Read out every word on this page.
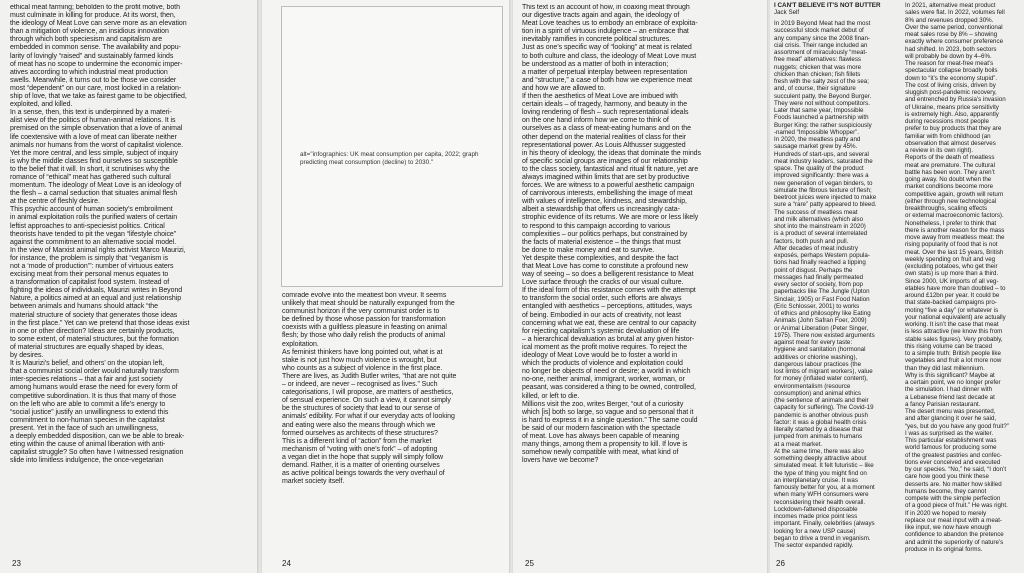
ethical meat farming; beholden to the profit motive, both
must culminate in killing for produce. At its worst, then,
the ideology of Meat Love can serve more as an elevation
than a mitigation of violence, an insidious innovation
through which both speciesism and capitalism are
embedded in common sense. The availability and popu-
larity of lovingly “raised” and sustainably farmed kinds
of meat has no scope to undermine the economic imper-
atives according to which industrial meat production
swells. Meanwhile, it turns out to be those we consider
most “dependent” on our care, most locked in a relation-
ship of love, that we take as fairest game to be objectified,
exploited, and killed.
In a sense, then, this text is underpinned by a materi-
alist view of the politics of human-animal relations. It is
premised on the simple observation that a love of animal
life coextensive with a love of meat can liberate neither
animals nor humans from the worst of capitalist violence.
Yet the more central, and less simple, subject of inquiry
is why the middle classes find ourselves so susceptible
to the belief that it will. In short, it scrutinises why the
romance of “ethical” meat has gathered such cultural
momentum. The ideology of Meat Love is an ideology of
the flesh – a carnal seduction that situates animal flesh
at the centre of fleshly desire.
This psychic account of human society’s embroilment
in animal exploitation roils the purified waters of certain
leftist approaches to anti-speciesist politics. Critical
theorists have tended to pit the vegan “lifestyle choice”
against the commitment to an alternative social model.
In the view of Marxist animal rights activist Marco Maurizi,
for instance, the problem is simply that “veganism is
not a ‘mode of production’”: number of virtuous eaters
excising meat from their personal menus equates to
a transformation of capitalist food system. Instead of
fighting the ideas of individuals, Maurizi writes in Beyond
Nature, a politics aimed at an equal and just relationship
between animals and humans should attack “the
material structure of society that generates those ideas
in the first place.” Yet can we pretend that those ideas exist
in one or other direction? Ideas are certainly products,
to some extent, of material structures, but the formation
of material structures are equally shaped by ideas,
by desires.
It is Maurizi’s belief, and others’ on the utopian left,
that a communist social order would naturally transform
inter-species relations – that a fair and just society
among humans would erase the need for every form of
competitive subordination. It is thus that many of those
on the left who are able to commit a life’s energy to
“social justice” justify an unwillingness to extend this
commitment to non-human species in the capitalist
present. Yet in the face of such an unwillingness,
a deeply embedded disposition, can we be able to break-
eting within the cause of animal liberation with anti-
capitalist struggle? So often have I witnessed resignation
slide into limitless indulgence, the once-vegetarian
23
alt="infographics: UK meat consumption per capita, 2022; graph predicting meat consumption (decline) to 2030."
comrade evolve into the meatiest bon viveur. It seems
unlikely that meat should be naturally expunged from the
communist horizon if the very communist order is to
be defined by those whose passion for transformation
coexists with a guiltless pleasure in feasting on animal
flesh; by those who daily relish the products of animal
exploitation.
As feminist thinkers have long pointed out, what is at
stake is not just how much violence is wrought, but
who counts as a subject of violence in the first place.
There are lives, as Judith Butler writes, “that are not quite
– or indeed, are never – recognised as lives.” Such
categorisations, I will propose, are matters of aesthetics,
of sensual experience. On such a view, it cannot simply
be the structures of society that lead to our sense of
animals’ edibility. For what if our everyday acts of looking
and eating were also the means through which we
formed ourselves as architects of these structures?
This is a different kind of “action” from the market
mechanism of “voting with one’s fork” – of adopting
a vegan diet in the hope that supply will simply follow
demand. Rather, it is a matter of orienting ourselves
as active political beings towards the very overhaul of
market society itself.
24
This text is an account of how, in coaxing meat through
our digestive tracts again and again, the ideology of
Meat Love teaches us to embody an embrace of exploita-
tion in a spirit of virtuous indulgence – an embrace that
inevitably ramifies in concrete political structures.
Just as one’s specific way of “looking” at meat is related
to both culture and class, the ideology of Meat Love must
be understood as a matter of both in interaction;
a matter of perpetual interplay between representation
and “structure,” a case of both how we experience meat
and how we are allowed to.
If then the aesthetics of Meat Love are imbued with
certain ideals – of tragedy, harmony, and beauty in the
loving rendering of flesh – such representational ideals
on the one hand inform how we come to think of
ourselves as a class of meat-eating humans and on the
other depend on the material realities of class for their
representational power. As Louis Althusser suggested
in his theory of ideology, the ideas that dominate the minds
of specific social groups are images of our relationship
to the class society, fantastical and ritual fit nature, yet are
always imagined within limits that are set by productive
forces. We are witness to a powerful aesthetic campaign
of carnivorous interests, embellishing the image of meat
with values of intelligence, kindness, and stewardship,
albeit a stewardship that offers us increasingly cata-
strophic evidence of its returns. We are more or less likely
to respond to this campaign according to various
complexities – our politics perhaps, but constrained by
the facts of material existence – the things that must
be done to make money and eat to survive.
Yet despite these complexities, and despite the fact
that Meat Love has come to constitute a profound new
way of seeing – so does a belligerent resistance to Meat
Love surface through the cracks of our visual culture.
If the ideal form of this resistance comes with the attempt
to transform the social order, such efforts are always
entangled with aesthetics – perceptions, attitudes, ways
of being. Embodied in our acts of creativity, not least
concerning what we eat, these are central to our capacity
for rejecting capitalism’s systemic devaluation of life
– a hierarchical devaluation as brutal at any given histor-
ical moment as the profit motive requires. To reject the
ideology of Meat Love would be to foster a world in
which the products of violence and exploitation could
no longer be objects of need or desire; a world in which
no-one, neither animal, immigrant, worker, woman, or
peasant, was considered a thing to be owned, controlled,
killed, or left to die.
Millions visit the zoo, writes Berger, “out of a curiosity
which [is] both so large, so vague and so personal that it
is hard to express it in a single question.” The same could
be said of our modern fascination with the spectacle
of meat. Love has always been capable of meaning
many things, among them a propensity to kill. If love is
somehow newly compatible with meat, what kind of
lovers have we become?
25
I CAN'T BELIEVE IT'S NOT BUTTER
Jack Self
In 2019 Beyond Meat had the most
successful stock market debut of
any company since the 2008 finan-
cial crisis. Their range included an
assortment of miraculously “meat-
free meat” alternatives: flawless
nuggets; chicken that was more
chicken than chicken; fish fillets
fresh with the salty zest of the sea;
and, of course, their signature
succulent patty, the Beyond Burger.
They were not without competitors.
Later that same year, Impossible
Foods launched a partnership with
Burger King: the rather suspiciously
-named “Impossible Whopper”.
In 2020, the meatless patty and
sausage market grew by 45%.
Hundreds of start-ups, and several
meat industry leaders, saturated the
space. The quality of the product
improved significantly: there was a
new generation of vegan binders, to
simulate the fibrous texture of flesh;
beetroot juices were injected to make
sure a “rare” patty appeared to bleed.
The success of meatless meat
and milk alternatives (which also
shot into the mainstream in 2020)
is a product of several interrelated
factors, both push and pull.
After decades of meat industry
exposés, perhaps Western popula-
tions had finally reached a tipping
point of disgust. Perhaps the
messages had finally permeated
every sector of society, from pop
paperbacks like The Jungle (Upton
Sinclair, 1905) or Fast Food Nation
(Eric Schlosser, 2001) to works
of ethics and philosophy like Eating
Animals (John Safran Foer, 2009)
or Animal Liberation (Peter Singer,
1975). There now existed arguments
against meat for every taste:
hygiene and sanitation (hormonal
additives or chlorine washing),
dangerous labour practices (the
lost limbs of migrant workers), value
for money (inflated water content),
environmentalism (resource
consumption) and animal ethics
(the sentience of animals and their
capacity for suffering). The Covid-19
pandemic is another obvious push
factor: it was a global health crisis
literally started by a disease that
jumped from animals to humans
at a meat market.
At the same time, there was also
something deeply attractive about
simulated meat. It felt futuristic – like
the type of thing you might find on
an interplanetary cruise. It was
famously better for you, at a moment
when many WFH consumers were
reconsidering their health overall.
Lockdown-fattened disposable
incomes made price point less
important. Finally, celebrities (always
looking for a new USP cause)
began to drive a trend in veganism.
The sector expanded rapidly.
In 2021, alternative meat product
sales were flat. In 2022, volumes fell
8% and revenues dropped 30%.
Over the same period, conventional
meat sales rose by 8% – showing
exactly where consumer preference
had shifted. In 2023, both sectors
will probably be down by 4–6%.
The reason for meat-free meat’s
spectacular collapse broadly boils
down to “it’s the economy stupid”.
The cost of living crisis, driven by
sluggish post-pandemic recovery,
and entrenched by Russia’s invasion
of Ukraine, means price sensitivity
is extremely high. Also, apparently
during recessions most people
prefer to buy products that they are
familiar with from childhood (an
observation that almost deserves
a review in its own right).
Reports of the death of meatless
meat are premature. The cultural
battle has been won. They aren’t
going away. No doubt when the
market conditions become more
competitive again, growth will return
(either through new technological
breakthroughs, scaling effects
or external macroeconomic factors).
Nonetheless, I prefer to think that
there is another reason for the mass
move away from meatless meat: the
rising popularity of food that is not
meat. Over the last 15 years, British
weekly spending on fruit and veg
(excluding potatoes, who get their
own stats) is up more than a third.
Since 2000, UK imports of all veg-
etables have more than doubled – to
around £12bn per year. It could be
that state-backed campaigns pro-
moting “five a day” (or whatever is
your national equivalent) are actually
working. It isn’t the case that meat
is less attractive (we know this from
stable sales figures). Very probably,
this rising volume can be traced
to a simple truth: British people like
vegetables and fruit a lot more now
than they did last millennium.
Why is this significant? Maybe at
a certain point, we no longer prefer
the simulation. I had dinner with
a Lebanese friend last decade at
a fancy Parisian restaurant.
The desert menu was presented,
and after glancing it over he said,
“yes, but do you have any good fruit?”
I was as surprised as the waiter.
This particular establishment was
world famous for producing some
of the greatest pastries and confec-
tions ever conceived and executed
by our species. “No,” he said, “I don’t
care how good you think these
desserts are. No matter how skilled
humans become, they cannot
compete with the simple perfection
of a good piece of fruit.” He was right.
If in 2020 we hoped to merely
replace our meat input with a meat-
like input, we now have enough
confidence to abandon the pretence
and admit the superiority of nature’s
produce in its original forms.
26
